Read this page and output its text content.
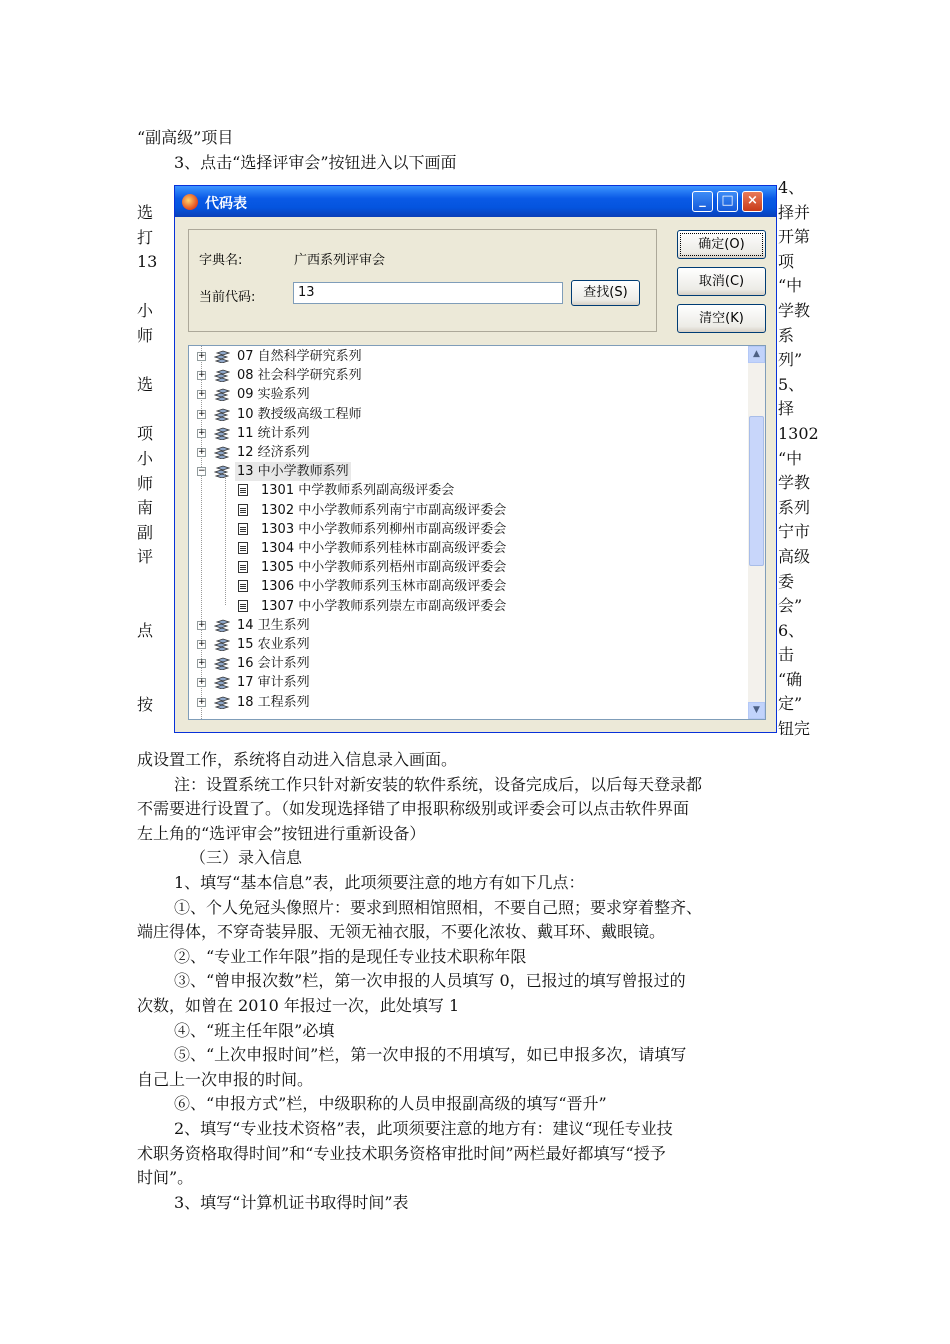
“副高级”项目
3、点击“选择评审会”按钮进入以下画面
选
打
13

小
师

选

项
小
师
南
副
评

点

按
4、
择并
开第
项
“中
学教
系
列”
5、
择
1302
“中
学教
系列
宁市
高级
委
会”
6、
击
“确
定”
钮完
成设置工作，系统将自动进入信息录入画面。
注：设置系统工作只针对新安装的软件系统，设备完成后，以后每天登录都
不需要进行设置了。（如发现选择错了申报职称级别或评委会可以点击软件界面
左上角的“选评审会”按钮进行重新设备）
（三）录入信息
1、填写“基本信息”表，此项须要注意的地方有如下几点：
①、个人免冠头像照片：要求到照相馆照相，不要自己照；要求穿着整齐、
端庄得体，不穿奇装异服、无领无袖衣服，不要化浓妆、戴耳环、戴眼镜。
②、“专业工作年限”指的是现任专业技术职称年限
③、“曾申报次数”栏，第一次申报的人员填写 0，已报过的填写曾报过的
次数，如曾在 2010 年报过一次，此处填写 1
④、“班主任年限”必填
⑤、“上次申报时间”栏，第一次申报的不用填写，如已申报多次，请填写
自己上一次申报的时间。
⑥、“申报方式”栏，中级职称的人员申报副高级的填写“晋升”
2、填写“专业技术资格”表，此项须要注意的地方有：建议“现任专业技
术职务资格取得时间”和“专业技术职务资格审批时间”两栏最好都填写“授予
时间”。
3、填写“计算机证书取得时间”表
代码表	_	□	×
字典名:	广西系列评审会
当前代码:	13	查找(S)
确定(O)
取消(C)
清空(K)
+ 07 自然科学研究系列
+ 08 社会科学研究系列
+ 09 实验系列
+ 10 教授级高级工程师
+ 11 统计系列
+ 12 经济系列
− 13 中小学教师系列
1301 中学教师系列副高级评委会
1302 中小学教师系列南宁市副高级评委会
1303 中小学教师系列柳州市副高级评委会
1304 中小学教师系列桂林市副高级评委会
1305 中小学教师系列梧州市副高级评委会
1306 中小学教师系列玉林市副高级评委会
1307 中小学教师系列崇左市副高级评委会
+ 14 卫生系列
+ 15 农业系列
+ 16 会计系列
+ 17 审计系列
+ 18 工程系列
▲
▼
